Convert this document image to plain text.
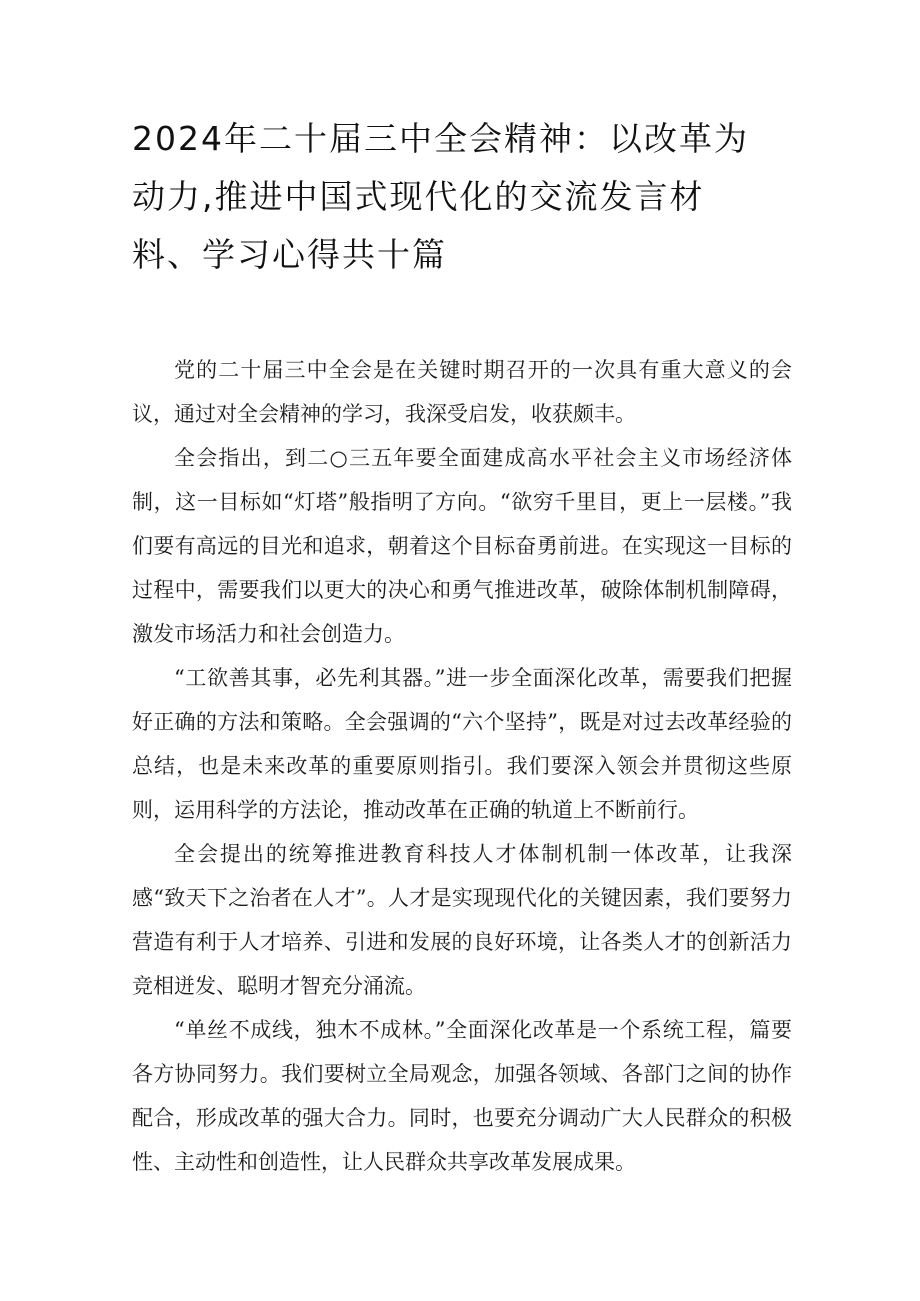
2024年二十届三中全会精神：以改革为动力,推进中国式现代化的交流发言材料、学习心得共十篇

党的二十届三中全会是在关键时期召开的一次具有重大意义的会议，通过对全会精神的学习，我深受启发，收获颇丰。

全会指出，到二○三五年要全面建成高水平社会主义市场经济体制，这一目标如“灯塔”般指明了方向。“欲穷千里目，更上一层楼。”我们要有高远的目光和追求，朝着这个目标奋勇前进。在实现这一目标的过程中，需要我们以更大的决心和勇气推进改革，破除体制机制障碍，激发市场活力和社会创造力。

“工欲善其事，必先利其器。”进一步全面深化改革，需要我们把握好正确的方法和策略。全会强调的“六个坚持”，既是对过去改革经验的总结，也是未来改革的重要原则指引。我们要深入领会并贯彻这些原则，运用科学的方法论，推动改革在正确的轨道上不断前行。

全会提出的统筹推进教育科技人才体制机制一体改革，让我深感“致天下之治者在人才”。人才是实现现代化的关键因素，我们要努力营造有利于人才培养、引进和发展的良好环境，让各类人才的创新活力竞相迸发、聪明才智充分涌流。

“单丝不成线，独木不成林。”全面深化改革是一个系统工程，篇要各方协同努力。我们要树立全局观念，加强各领域、各部门之间的协作配合，形成改革的强大合力。同时，也要充分调动广大人民群众的积极性、主动性和创造性，让人民群众共享改革发展成果。
